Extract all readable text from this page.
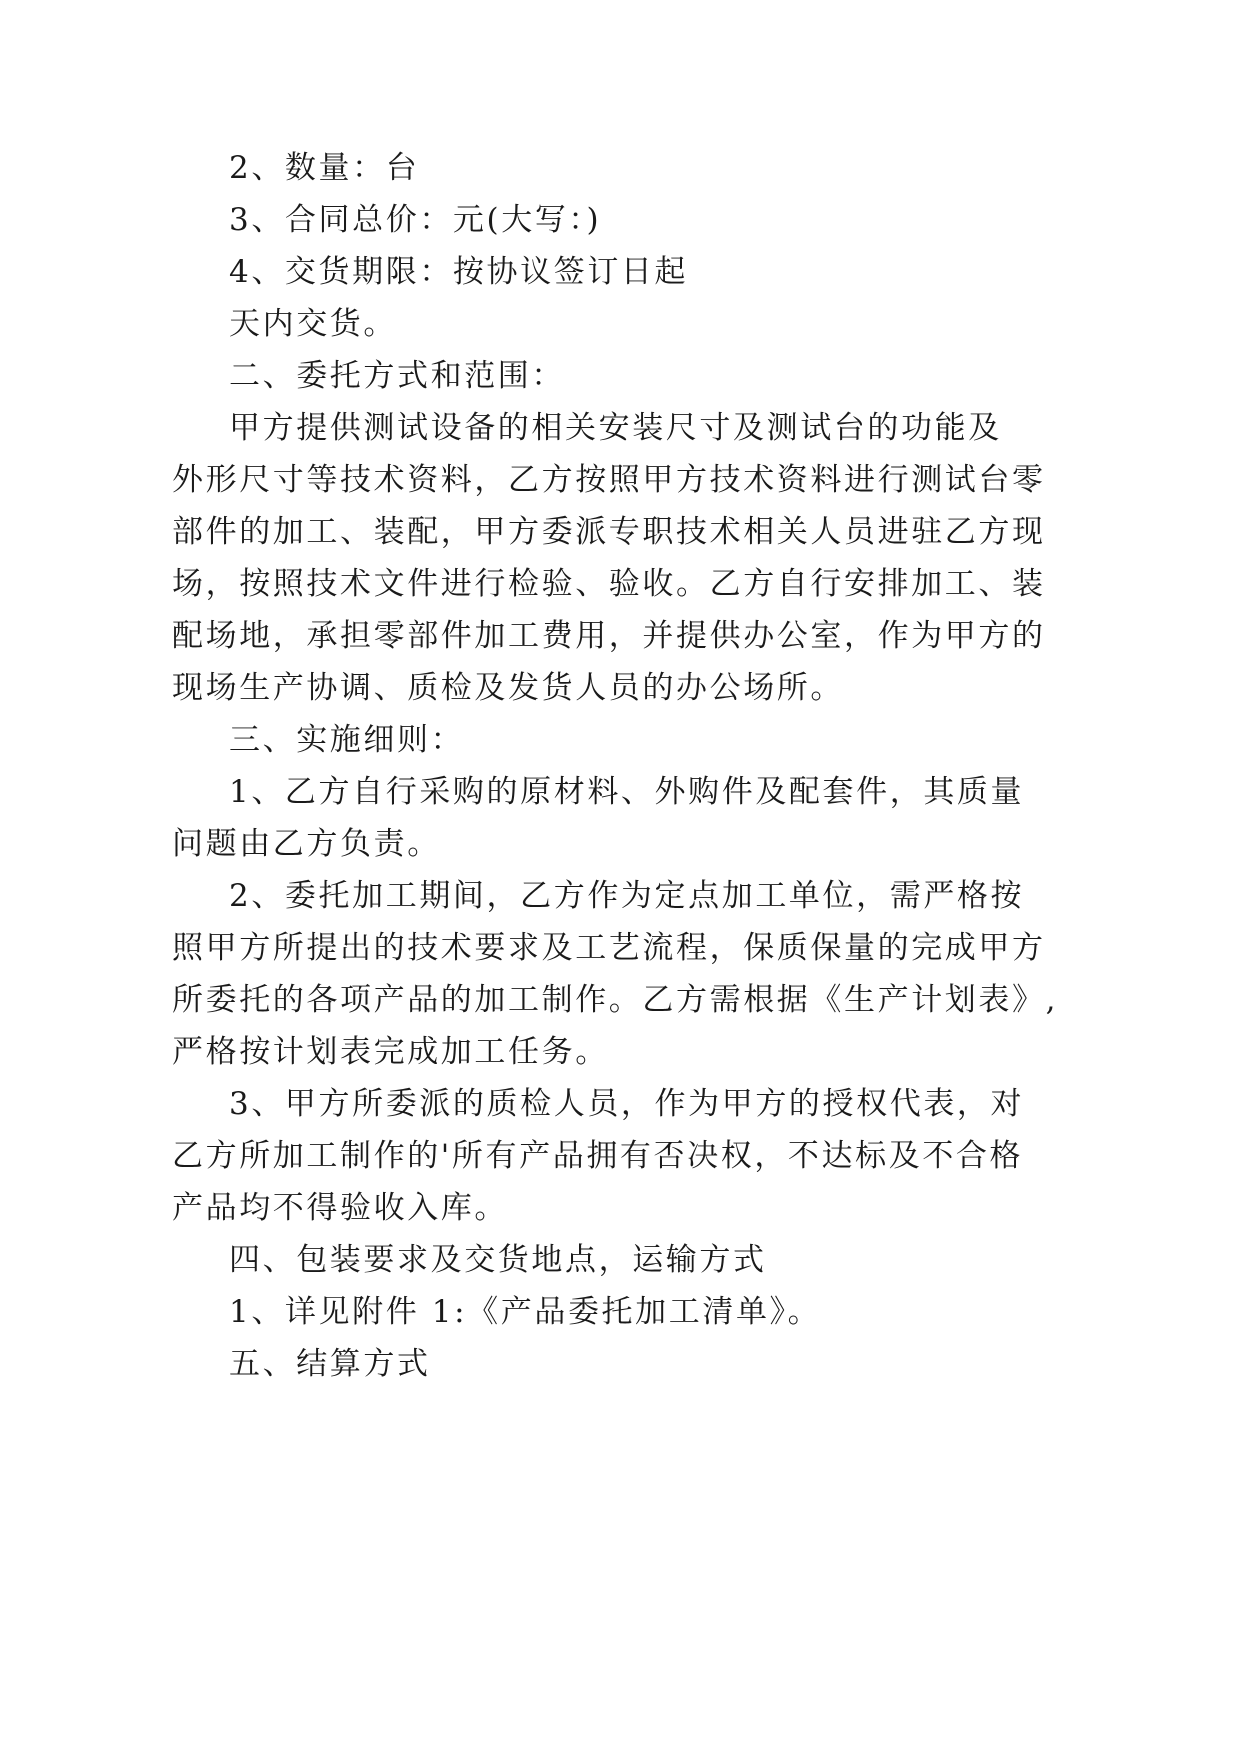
2、数量：台

3、合同总价：元(大写：)

4、交货期限：按协议签订日起

天内交货。

二、委托方式和范围：

甲方提供测试设备的相关安装尺寸及测试台的功能及

外形尺寸等技术资料，乙方按照甲方技术资料进行测试台零

部件的加工、装配，甲方委派专职技术相关人员进驻乙方现

场，按照技术文件进行检验、验收。乙方自行安排加工、装

配场地，承担零部件加工费用，并提供办公室，作为甲方的

现场生产协调、质检及发货人员的办公场所。

三、实施细则：

1、乙方自行采购的原材料、外购件及配套件，其质量

问题由乙方负责。

2、委托加工期间，乙方作为定点加工单位，需严格按

照甲方所提出的技术要求及工艺流程，保质保量的完成甲方

所委托的各项产品的加工制作。乙方需根据《生产计划表》,

严格按计划表完成加工任务。

3、甲方所委派的质检人员，作为甲方的授权代表，对

乙方所加工制作的'所有产品拥有否决权，不达标及不合格

产品均不得验收入库。

四、包装要求及交货地点，运输方式

1、详见附件 1:《产品委托加工清单》。

五、结算方式
